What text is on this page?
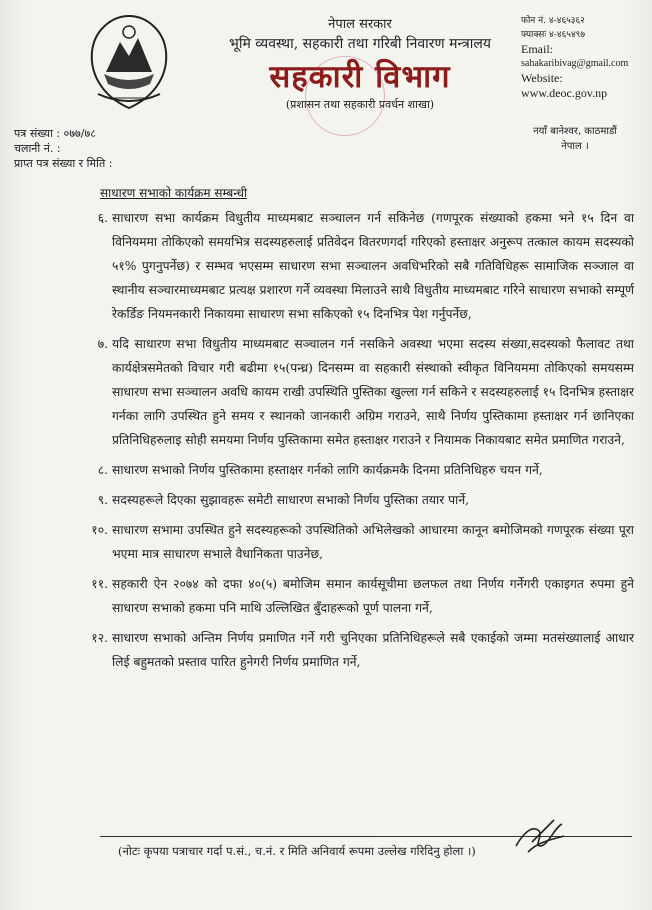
नेपाल सरकार
भूमि व्यवस्था, सहकारी तथा गरिबी निवारण मन्त्रालय
सहकारी विभाग
(प्रशासन तथा सहकारी प्रवर्धन शाखा)
फोन नं. ४-४६५३६२
फ्याक्सः ४-४६५४९७
Email:
sahakaribivag@gmail.com
Website:
www.deoc.gov.np
नयाँ बानेश्वर, काठमाडौं
नेपाल ।
पत्र संख्या : ०७७/७८
चलानी नं. :
प्राप्त पत्र संख्या र मिति :
साधारण सभाको कार्यक्रम सम्बन्धी
६. साधारण सभा कार्यक्रम विधुतीय माध्यमबाट सञ्चालन गर्न सकिनेछ (गणपूरक संख्याको हकमा भने १५ दिन वा विनियममा तोकिएको समयभित्र सदस्यहरुलाई प्रतिवेदन वितरणगर्दा गरिएको हस्ताक्षर अनुरूप तत्काल कायम सदस्यको ५१% पुगनुपर्नेछ) र सम्भव भएसम्म साधारण सभा सञ्चालन अवधिभरिको सबै गतिविधिहरू सामाजिक सञ्जाल वा स्थानीय सञ्चारमाध्यमबाट प्रत्यक्ष प्रशारण गर्ने व्यवस्था मिलाउने साथै विधुतीय माध्यमबाट गरिने साधारण सभाको सम्पूर्ण रेकर्डिङ नियमनकारी निकायमा साधारण सभा सकिएको १५ दिनभित्र पेश गर्नुपर्नेछ,
७. यदि साधारण सभा विधुतीय माध्यमबाट सञ्चालन गर्न नसकिने अवस्था भएमा सदस्य संख्या,सदस्यको फैलावट तथा कार्यक्षेत्रसमेतको विचार गरी बढीमा १५(पन्ध्र) दिनसम्म वा सहकारी संस्थाको स्वीकृत विनियममा तोकिएको समयसम्म साधारण सभा सञ्चालन अवधि कायम राखी उपस्थिति पुस्तिका खुल्ला गर्न सकिने र सदस्यहरुलाई १५ दिनभित्र हस्ताक्षर गर्नका लागि उपस्थित हुने समय र स्थानको जानकारी अग्रिम गराउने, साथै निर्णय पुस्तिकामा हस्ताक्षर गर्न छानिएका प्रतिनिधिहरुलाइ सोही समयमा निर्णय पुस्तिकामा समेत हस्ताक्षर गराउने र नियामक निकायबाट समेत प्रमाणित गराउने,
८. साधारण सभाको निर्णय पुस्तिकामा हस्ताक्षर गर्नको लागि कार्यक्रमकै दिनमा प्रतिनिधिहरु चयन गर्ने,
९. सदस्यहरूले दिएका सुझावहरू समेटी साधारण सभाको निर्णय पुस्तिका तयार पार्ने,
१०. साधारण सभामा उपस्थित हुने सदस्यहरूको उपस्थितिको अभिलेखको आधारमा कानून बमोजिमको गणपूरक संख्या पूरा भएमा मात्र साधारण सभाले वैधानिकता पाउनेछ,
११. सहकारी ऐन २०७४ को दफा ४०(५) बमोजिम समान कार्यसूचीमा छलफल तथा निर्णय गर्नेगरी एकाइगत रुपमा हुने साधारण सभाको हकमा पनि माथि उल्लिखित बुँदाहरूको पूर्ण पालना गर्ने,
१२. साधारण सभाको अन्तिम निर्णय प्रमाणित गर्ने गरी चुनिएका प्रतिनिधिहरूले सबै एकाईको जम्मा मतसंख्यालाई आधार लिई बहुमतको प्रस्ताव पारित हुनेगरी निर्णय प्रमाणित गर्ने,
(नोटः कृपया पत्राचार गर्दा प.सं., च.नं. र मिति अनिवार्य रूपमा उल्लेख गरिदिनु होला ।)
